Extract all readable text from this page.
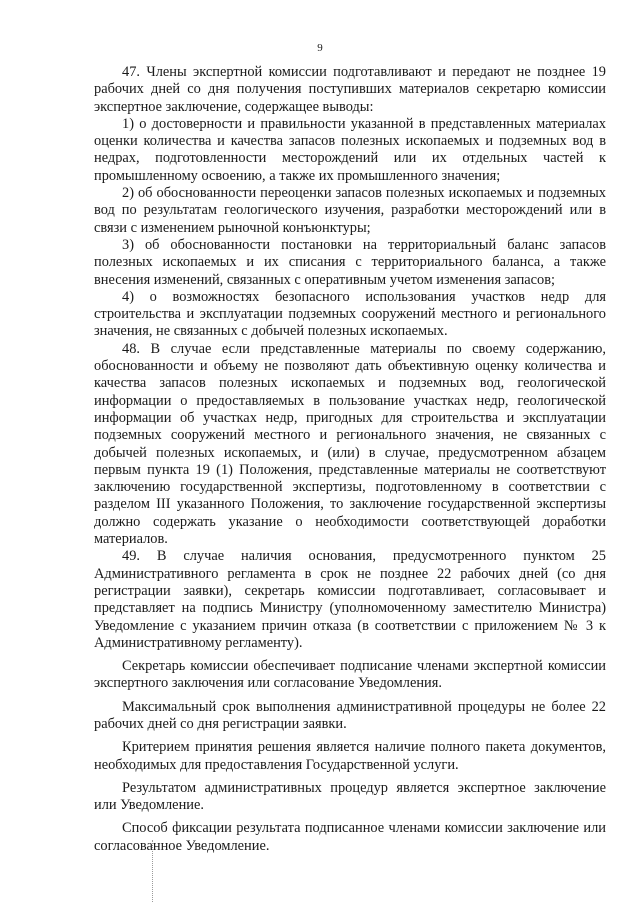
9

47. Члены экспертной комиссии подготавливают и передают не позднее 19 рабочих дней со дня получения поступивших материалов секретарю комиссии экспертное заключение, содержащее выводы:

1) о достоверности и правильности указанной в представленных материалах оценки количества и качества запасов полезных ископаемых и подземных вод в недрах, подготовленности месторождений или их отдельных частей к промышленному освоению, а также их промышленного значения;

2) об обоснованности переоценки запасов полезных ископаемых и подземных вод по результатам геологического изучения, разработки месторождений или в связи с изменением рыночной конъюнктуры;

3) об обоснованности постановки на территориальный баланс запасов полезных ископаемых и их списания с территориального баланса, а также внесения изменений, связанных с оперативным учетом изменения запасов;

4) о возможностях безопасного использования участков недр для строительства и эксплуатации подземных сооружений местного и регионального значения, не связанных с добычей полезных ископаемых.

48. В случае если представленные материалы по своему содержанию, обоснованности и объему не позволяют дать объективную оценку количества и качества запасов полезных ископаемых и подземных вод, геологической информации о предоставляемых в пользование участках недр, геологической информации об участках недр, пригодных для строительства и эксплуатации подземных сооружений местного и регионального значения, не связанных с добычей полезных ископаемых, и (или) в случае, предусмотренном абзацем первым пункта 19 (1) Положения, представленные материалы не соответствуют заключению государственной экспертизы, подготовленному в соответствии с разделом III указанного Положения, то заключение государственной экспертизы должно содержать указание о необходимости соответствующей доработки материалов.

49. В случае наличия основания, предусмотренного пунктом 25 Административного регламента в срок не позднее 22 рабочих дней (со дня регистрации заявки), секретарь комиссии подготавливает, согласовывает и представляет на подпись Министру (уполномоченному заместителю Министра) Уведомление с указанием причин отказа (в соответствии с приложением № 3 к Административному регламенту).

Секретарь комиссии обеспечивает подписание членами экспертной комиссии экспертного заключения или согласование Уведомления.

Максимальный срок выполнения административной процедуры не более 22 рабочих дней со дня регистрации заявки.

Критерием принятия решения является наличие полного пакета документов, необходимых для предоставления Государственной услуги.

Результатом административных процедур является экспертное заключение или Уведомление.

Способ фиксации результата подписанное членами комиссии заключение или согласованное Уведомление.
